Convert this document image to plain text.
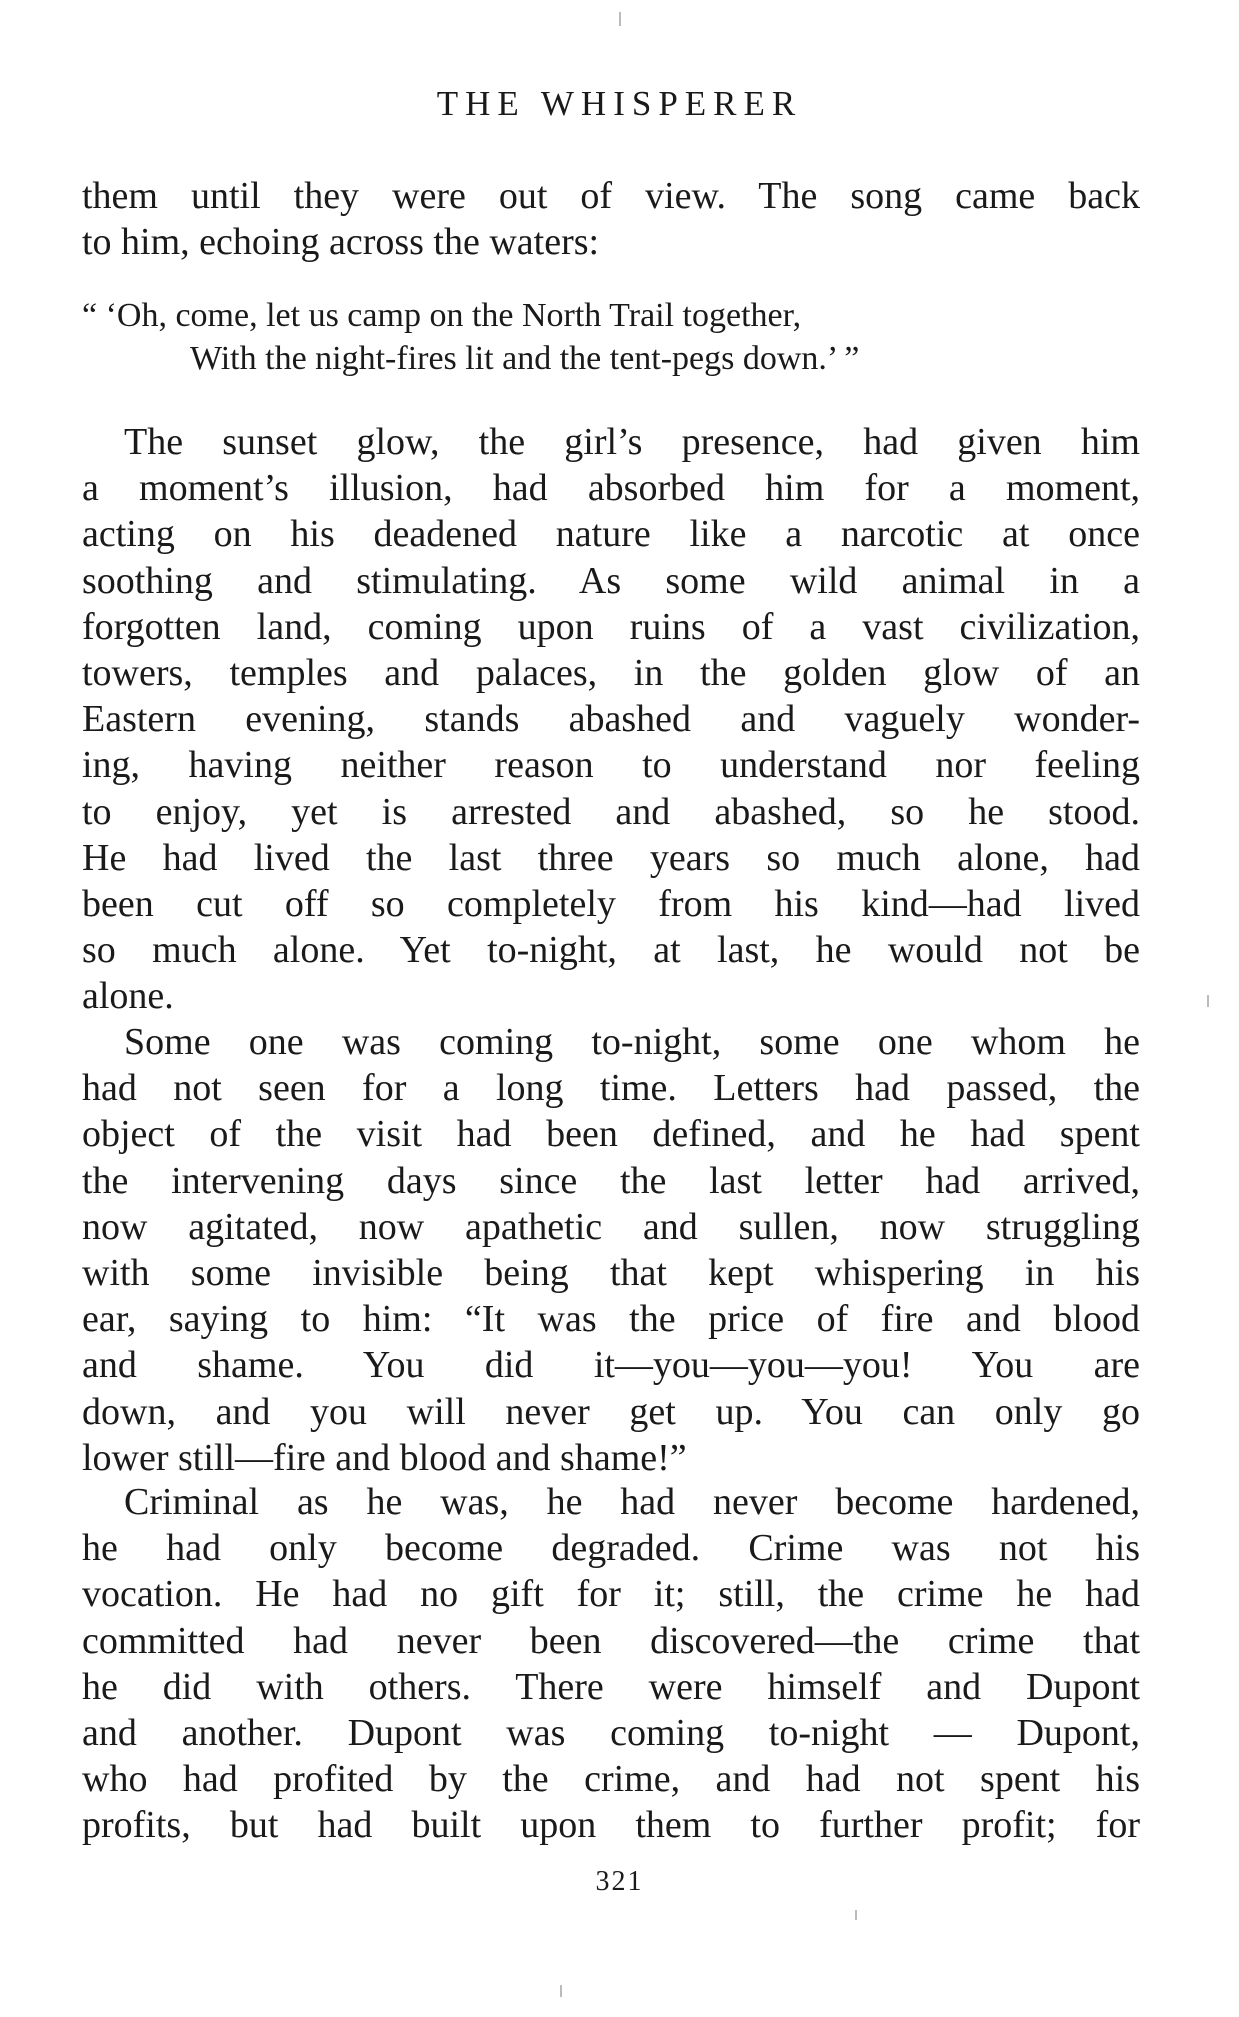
THE WHISPERER

them until they were out of view. The song came back

to him, echoing across the waters:

“ ‘Oh, come, let us camp on the North Trail together,

With the night-fires lit and the tent-pegs down.’ ”

The sunset glow, the girl’s presence, had given him

a moment’s illusion, had absorbed him for a moment,

acting on his deadened nature like a narcotic at once

soothing and stimulating. As some wild animal in a

forgotten land, coming upon ruins of a vast civilization,

towers, temples and palaces, in the golden glow of an

Eastern evening, stands abashed and vaguely wonder-

ing, having neither reason to understand nor feeling

to enjoy, yet is arrested and abashed, so he stood.

He had lived the last three years so much alone, had

been cut off so completely from his kind—had lived

so much alone. Yet to-night, at last, he would not be

alone.

Some one was coming to-night, some one whom he

had not seen for a long time. Letters had passed, the

object of the visit had been defined, and he had spent

the intervening days since the last letter had arrived,

now agitated, now apathetic and sullen, now struggling

with some invisible being that kept whispering in his

ear, saying to him: “It was the price of fire and blood

and shame. You did it—you—you—you! You are

down, and you will never get up. You can only go

lower still—fire and blood and shame!”

Criminal as he was, he had never become hardened,

he had only become degraded. Crime was not his

vocation. He had no gift for it; still, the crime he had

committed had never been discovered—the crime that

he did with others. There were himself and Dupont

and another. Dupont was coming to-night — Dupont,

who had profited by the crime, and had not spent his

profits, but had built upon them to further profit; for

321
